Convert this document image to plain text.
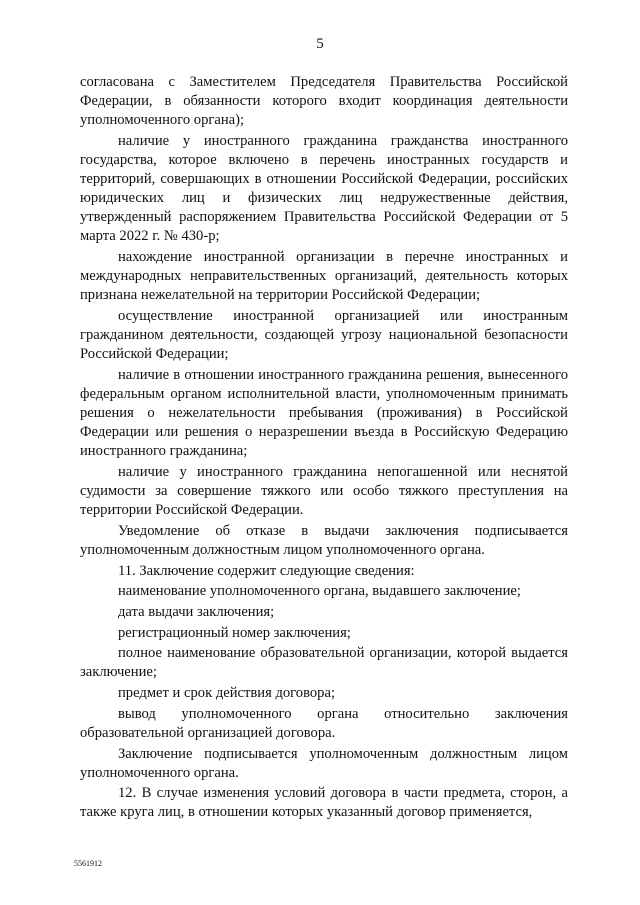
5

согласована с Заместителем Председателя Правительства Российской Федерации, в обязанности которого входит координация деятельности уполномоченного органа);

наличие у иностранного гражданина гражданства иностранного государства, которое включено в перечень иностранных государств и территорий, совершающих в отношении Российской Федерации, российских юридических лиц и физических лиц недружественные действия, утвержденный распоряжением Правительства Российской Федерации от 5 марта 2022 г. № 430-р;

нахождение иностранной организации в перечне иностранных и международных неправительственных организаций, деятельность которых признана нежелательной на территории Российской Федерации;

осуществление иностранной организацией или иностранным гражданином деятельности, создающей угрозу национальной безопасности Российской Федерации;

наличие в отношении иностранного гражданина решения, вынесенного федеральным органом исполнительной власти, уполномоченным принимать решения о нежелательности пребывания (проживания) в Российской Федерации или решения о неразрешении въезда в Российскую Федерацию иностранного гражданина;

наличие у иностранного гражданина непогашенной или неснятой судимости за совершение тяжкого или особо тяжкого преступления на территории Российской Федерации.

Уведомление об отказе в выдачи заключения подписывается уполномоченным должностным лицом уполномоченного органа.

11. Заключение содержит следующие сведения:

наименование уполномоченного органа, выдавшего заключение;

дата выдачи заключения;

регистрационный номер заключения;

полное наименование образовательной организации, которой выдается заключение;

предмет и срок действия договора;

вывод уполномоченного органа относительно заключения образовательной организацией договора.

Заключение подписывается уполномоченным должностным лицом уполномоченного органа.

12. В случае изменения условий договора в части предмета, сторон, а также круга лиц, в отношении которых указанный договор применяется,

5561912
